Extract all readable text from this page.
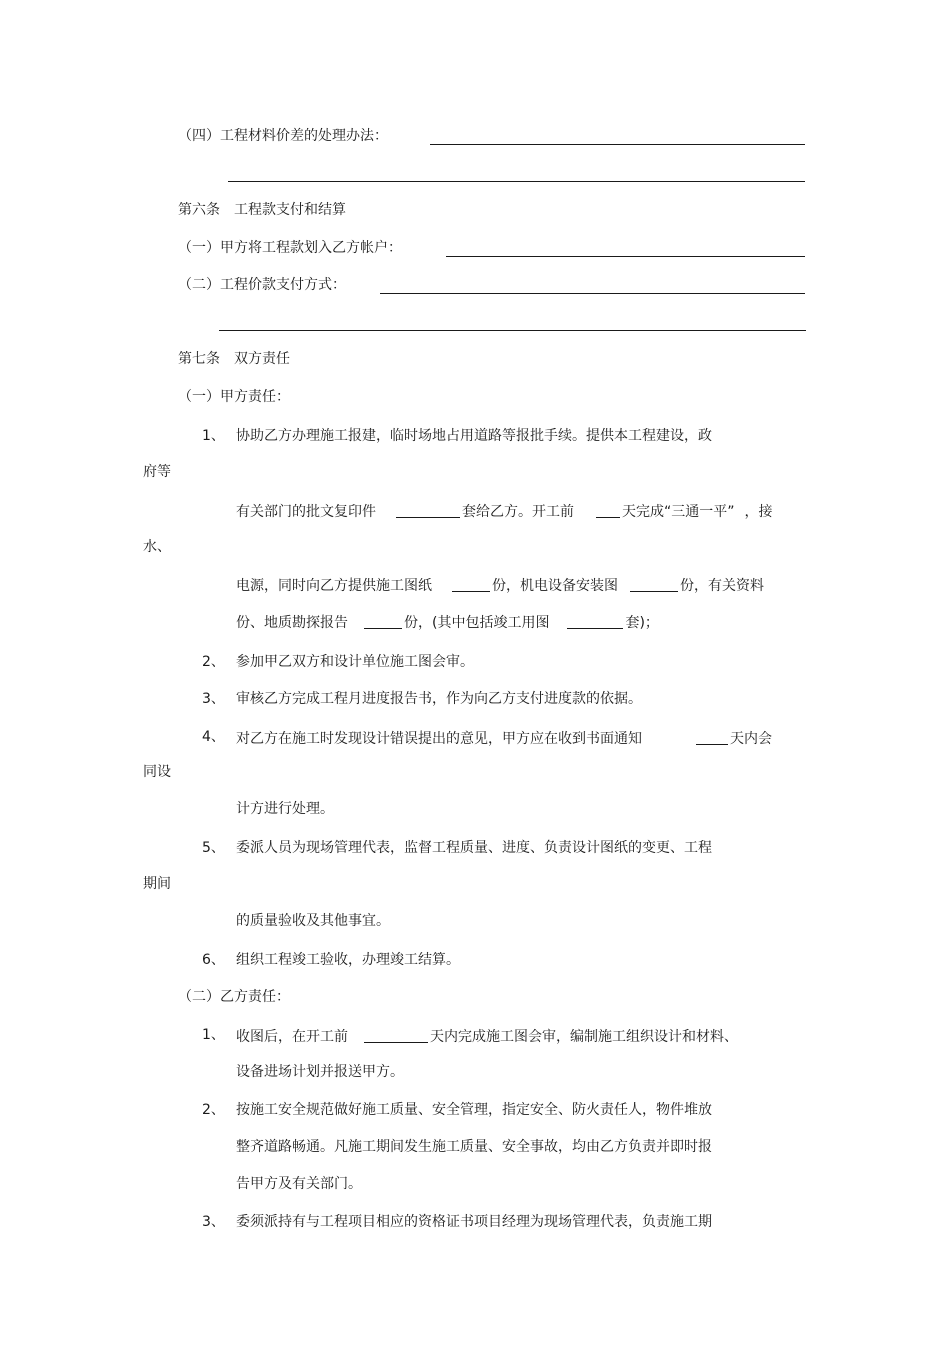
（四）工程材料价差的处理办法：
第六条　工程款支付和结算
（一）甲方将工程款划入乙方帐户：
（二）工程价款支付方式：
第七条　双方责任
（一）甲方责任：
1、 协助乙方办理施工报建，临时场地占用道路等报批手续。提供本工程建设，政
府等
有关部门的批文复印件	套给乙方。开工前	天完成“三通一平” ，接
水、
电源，同时向乙方提供施工图纸	份，机电设备安装图	份，有关资料
份、地质勘探报告	份，(其中包括竣工用图	套)；
2、 参加甲乙双方和设计单位施工图会审。
3、 审核乙方完成工程月进度报告书，作为向乙方支付进度款的依据。
4、 对乙方在施工时发现设计错误提出的意见，甲方应在收到书面通知	天内会
同设
计方进行处理。
5、 委派人员为现场管理代表，监督工程质量、进度、负责设计图纸的变更、工程
期间
的质量验收及其他事宜。
6、 组织工程竣工验收，办理竣工结算。
（二）乙方责任：
1、 收图后，在开工前	天内完成施工图会审，编制施工组织设计和材料、
设备进场计划并报送甲方。
2、 按施工安全规范做好施工质量、安全管理，指定安全、防火责任人，物件堆放
整齐道路畅通。凡施工期间发生施工质量、安全事故，均由乙方负责并即时报
告甲方及有关部门。
3、 委须派持有与工程项目相应的资格证书项目经理为现场管理代表，负责施工期
